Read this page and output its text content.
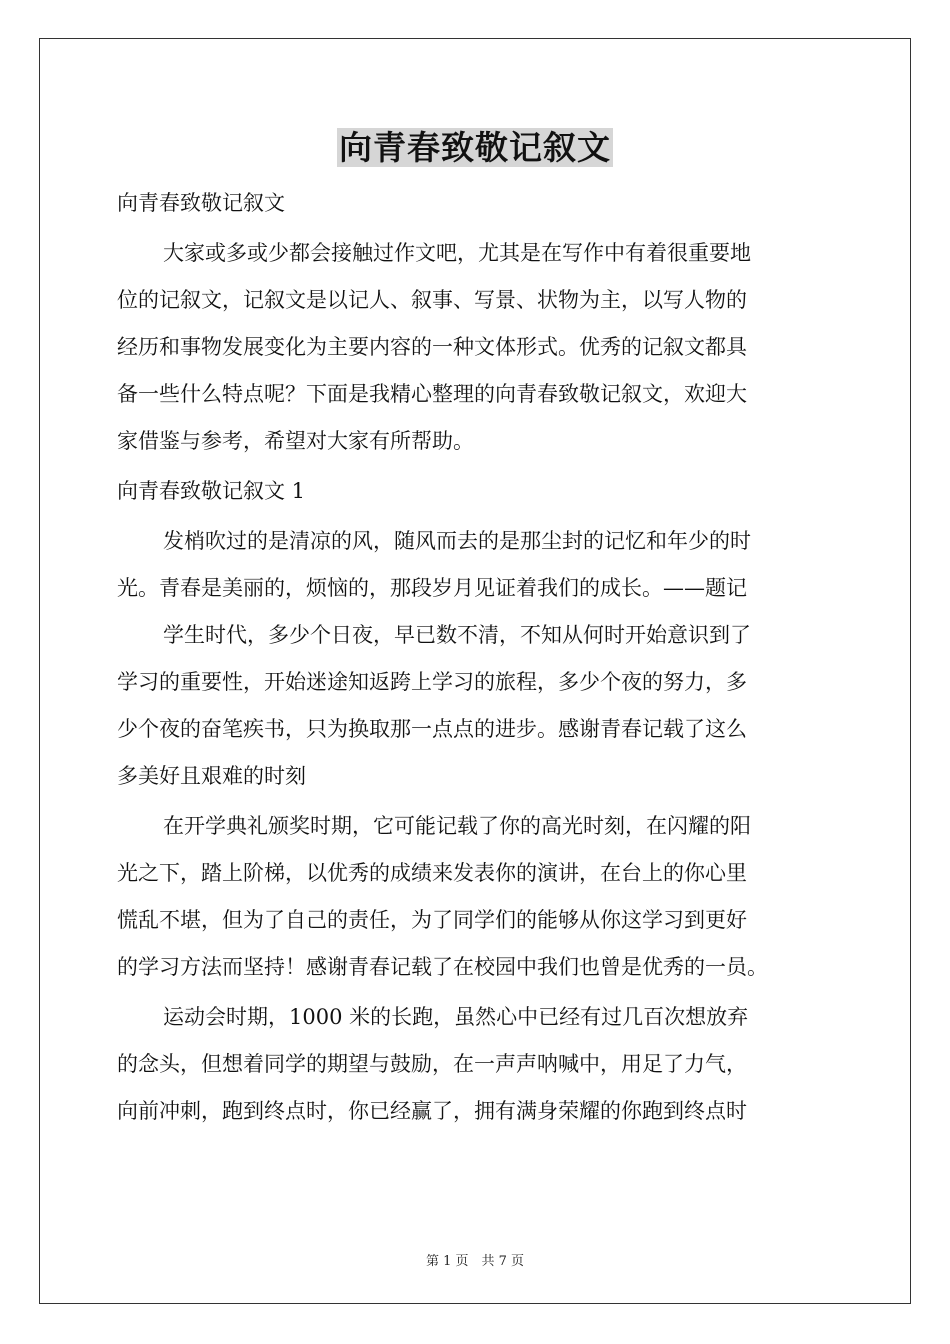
向青春致敬记叙文

向青春致敬记叙文

大家或多或少都会接触过作文吧，尤其是在写作中有着很重要地

位的记叙文，记叙文是以记人、叙事、写景、状物为主，以写人物的

经历和事物发展变化为主要内容的一种文体形式。优秀的记叙文都具

备一些什么特点呢？下面是我精心整理的向青春致敬记叙文，欢迎大

家借鉴与参考，希望对大家有所帮助。

向青春致敬记叙文 1

发梢吹过的是清凉的风，随风而去的是那尘封的记忆和年少的时

光。青春是美丽的，烦恼的，那段岁月见证着我们的成长。——题记

学生时代，多少个日夜，早已数不清，不知从何时开始意识到了

学习的重要性，开始迷途知返跨上学习的旅程，多少个夜的努力，多

少个夜的奋笔疾书，只为换取那一点点的进步。感谢青春记载了这么

多美好且艰难的时刻

在开学典礼颁奖时期，它可能记载了你的高光时刻，在闪耀的阳

光之下，踏上阶梯，以优秀的成绩来发表你的演讲，在台上的你心里

慌乱不堪，但为了自己的责任，为了同学们的能够从你这学习到更好

的学习方法而坚持！感谢青春记载了在校园中我们也曾是优秀的一员。

运动会时期，1000 米的长跑，虽然心中已经有过几百次想放弃

的念头，但想着同学的期望与鼓励，在一声声呐喊中，用足了力气，

向前冲刺，跑到终点时，你已经赢了，拥有满身荣耀的你跑到终点时

第 1 页　共 7 页
